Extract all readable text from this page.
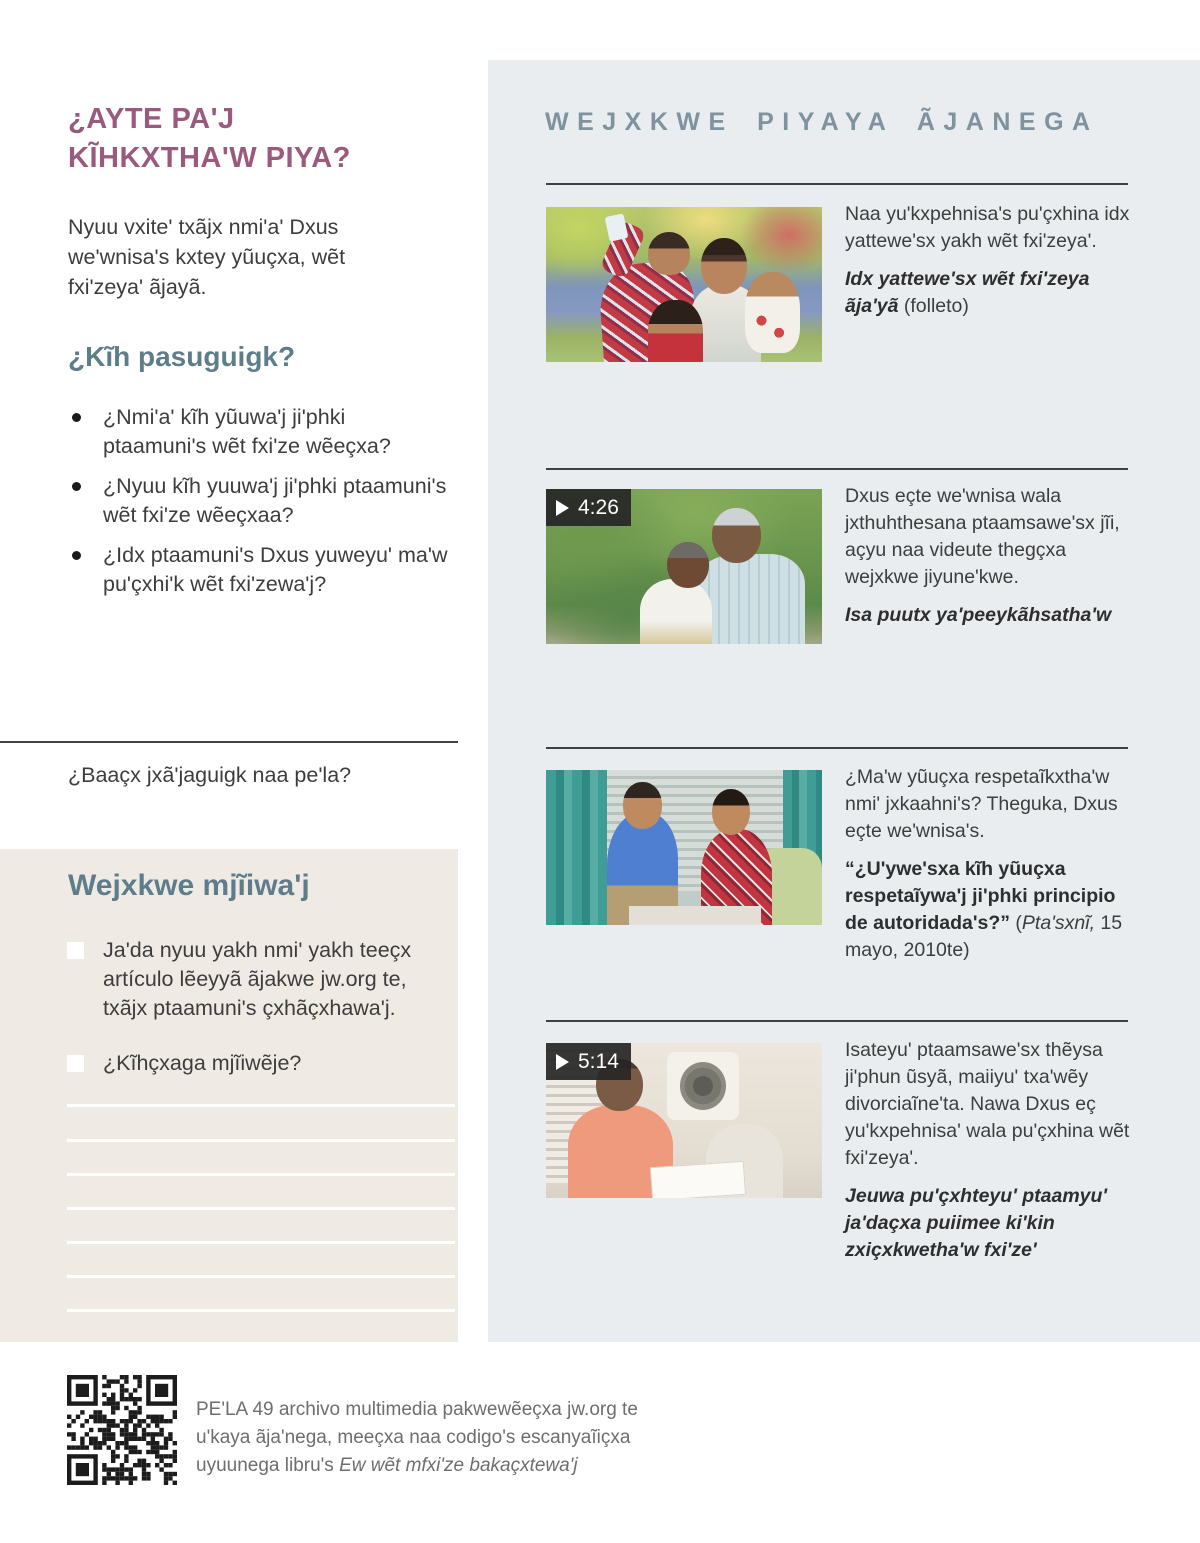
¿AYTE PA'J KĨHKXTHA'W PIYA?

Nyuu vxite' txãjx nmi'a' Dxus we'wnisa's kxtey yũuçxa, wẽt fxi'zeya' ãjayã.

¿Kĩh pasuguigk?
¿Nmi'a' kĩh yũuwa'j ji'phki ptaamuni's wẽt fxi'ze wẽeçxa?
¿Nyuu kĩh yuuwa'j ji'phki ptaamuni's wẽt fxi'ze wẽeçxaa?
¿Idx ptaamuni's Dxus yuweyu' ma'w pu'çxhi'k wẽt fxi'zewa'j?

¿Baaçx jxã'jaguigk naa pe'la?

Wejxkwe mjĩiwa'j
Ja'da nyuu yakh nmi' yakh teeçx artículo lẽeyyã ãjakwe jw.org te, txãjx ptaamuni's çxhãçxhawa'j.
¿Kĩhçxaga mjĩiwẽje?

PE'LA 49 archivo multimedia pakwewẽeçxa jw.org te u'kaya ãja'nega, meeçxa naa codigo's escanyaĩiçxa uyuunega libru's Ew wẽt mfxi'ze bakaçxtewa'j

WEJXKWE PIYAYA ÃJANEGA

Naa yu'kxpehnisa's pu'çxhina idx yattewe'sx yakh wẽt fxi'zeya'.

Idx yattewe'sx wẽt fxi'zeya ãja'yã (folleto)

4:26	Dxus eçte we'wnisa wala jxthuhthesana ptaamsawe'sx jĩi, açyu naa videute thegçxa wejxkwe jiyune'kwe.

Isa puutx ya'peeykãhsatha'w

¿Ma'w yũuçxa respetaĩkxtha'w nmi' jxkaahni's? Theguka, Dxus eçte we'wnisa's.

“¿U'ywe'sxa kĩh yũuçxa respetaĩywa'j ji'phki principio de autoridada's?” (Pta'sxnĩ, 15 mayo, 2010te)

5:14	Isateyu' ptaamsawe'sx thẽysa ji'phun ũsyã, maiiyu' txa'wẽy divorciaĩne'ta. Nawa Dxus eç yu'kxpehnisa' wala pu'çxhina wẽt fxi'zeya'.

Jeuwa pu'çxhteyu' ptaamyu' ja'daçxa puiimee ki'kin zxiçxkwetha'w fxi'ze'
